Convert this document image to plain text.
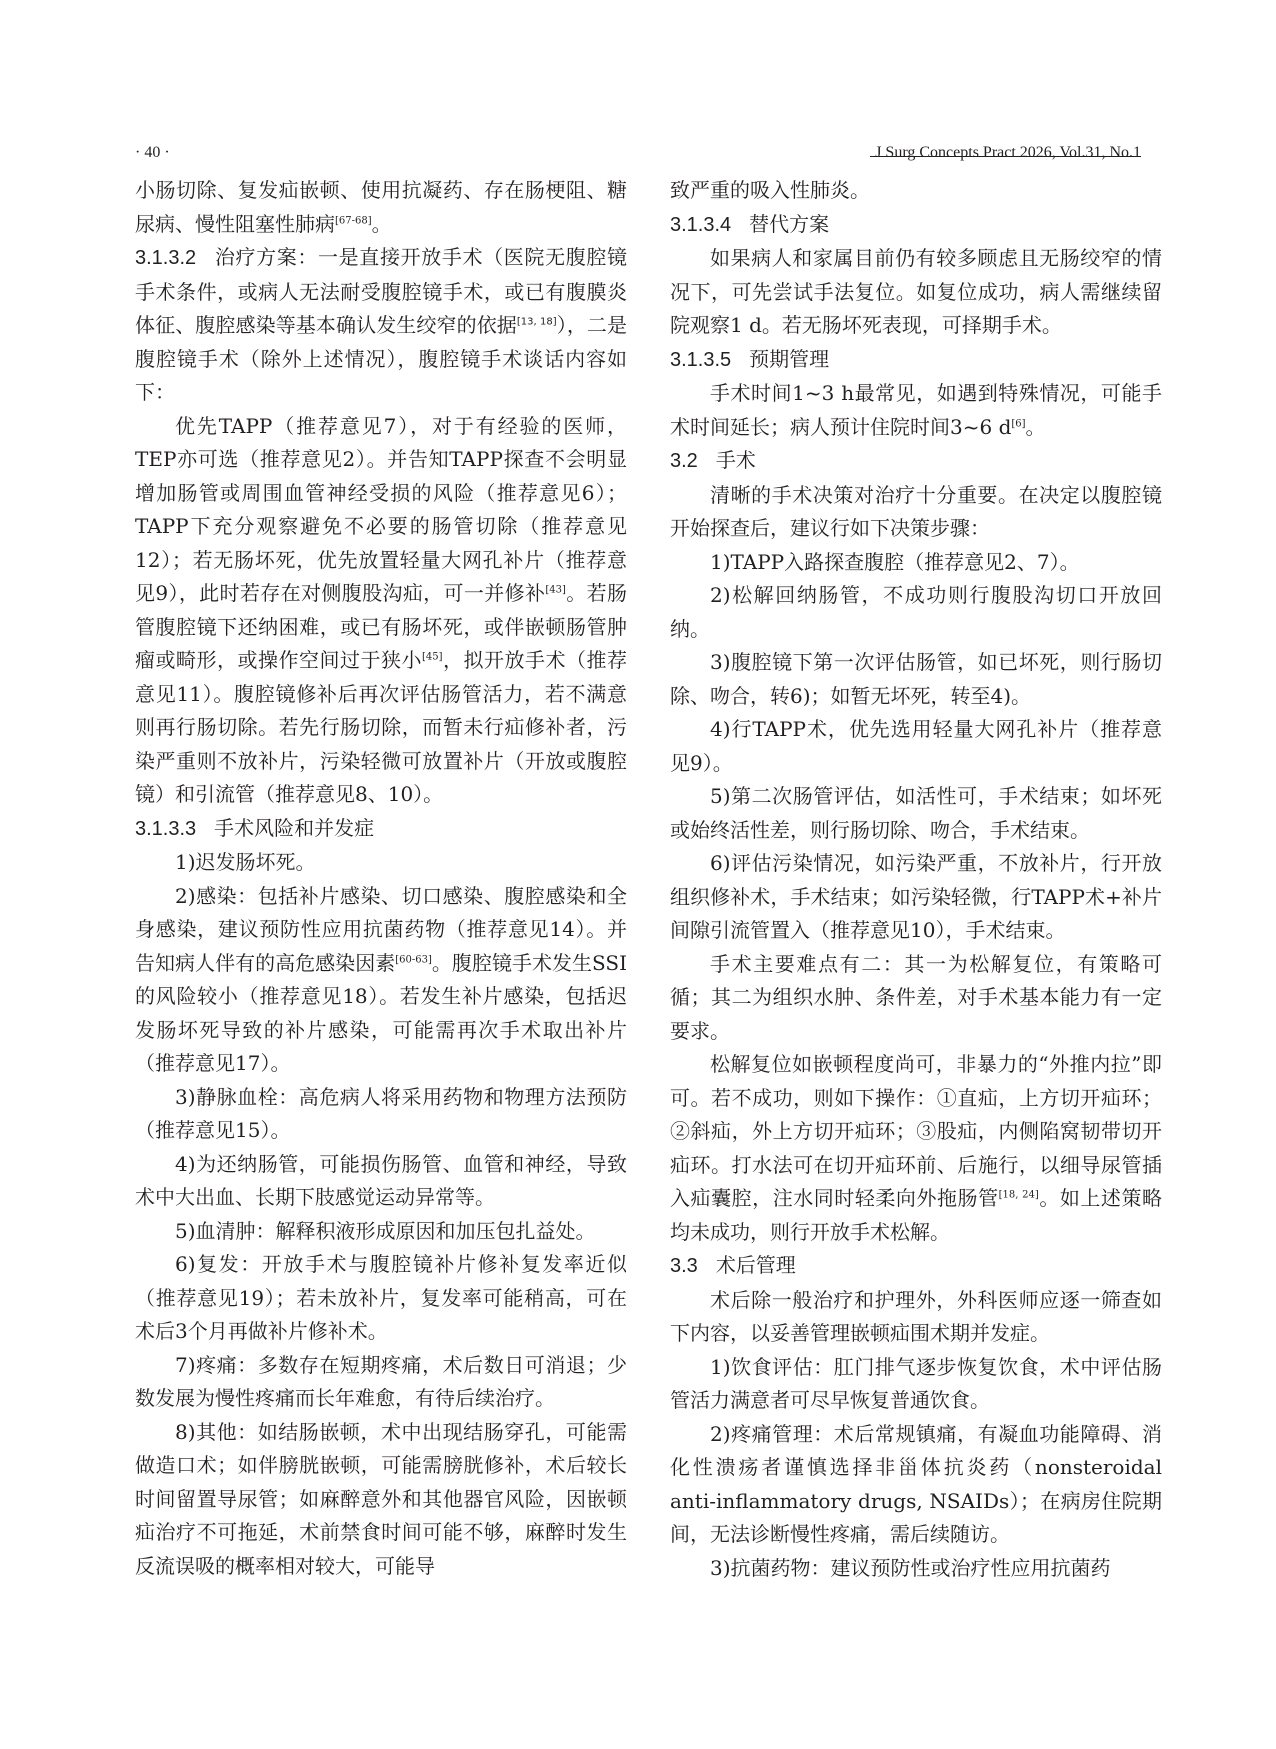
· 40 ·	J Surg Concepts Pract 2026, Vol.31, No.1

小肠切除、复发疝嵌顿、使用抗凝药、存在肠梗阻、糖尿病、慢性阻塞性肺病[67-68]。

3.1.3.2 治疗方案：一是直接开放手术（医院无腹腔镜手术条件，或病人无法耐受腹腔镜手术，或已有腹膜炎体征、腹腔感染等基本确认发生绞窄的依据[13, 18]），二是腹腔镜手术（除外上述情况），腹腔镜手术谈话内容如下：

优先TAPP（推荐意见7），对于有经验的医师，TEP亦可选（推荐意见2）。并告知TAPP探查不会明显增加肠管或周围血管神经受损的风险（推荐意见6）；TAPP下充分观察避免不必要的肠管切除（推荐意见12）；若无肠坏死，优先放置轻量大网孔补片（推荐意见9），此时若存在对侧腹股沟疝，可一并修补[43]。若肠管腹腔镜下还纳困难，或已有肠坏死，或伴嵌顿肠管肿瘤或畸形，或操作空间过于狭小[45]，拟开放手术（推荐意见11）。腹腔镜修补后再次评估肠管活力，若不满意则再行肠切除。若先行肠切除，而暂未行疝修补者，污染严重则不放补片，污染轻微可放置补片（开放或腹腔镜）和引流管（推荐意见8、10）。

3.1.3.3 手术风险和并发症

1)迟发肠坏死。

2)感染：包括补片感染、切口感染、腹腔感染和全身感染，建议预防性应用抗菌药物（推荐意见14）。并告知病人伴有的高危感染因素[60-63]。腹腔镜手术发生SSI的风险较小（推荐意见18）。若发生补片感染，包括迟发肠坏死导致的补片感染，可能需再次手术取出补片（推荐意见17）。

3)静脉血栓：高危病人将采用药物和物理方法预防（推荐意见15）。

4)为还纳肠管，可能损伤肠管、血管和神经，导致术中大出血、长期下肢感觉运动异常等。

5)血清肿：解释积液形成原因和加压包扎益处。

6)复发：开放手术与腹腔镜补片修补复发率近似（推荐意见19）；若未放补片，复发率可能稍高，可在术后3个月再做补片修补术。

7)疼痛：多数存在短期疼痛，术后数日可消退；少数发展为慢性疼痛而长年难愈，有待后续治疗。

8)其他：如结肠嵌顿，术中出现结肠穿孔，可能需做造口术；如伴膀胱嵌顿，可能需膀胱修补，术后较长时间留置导尿管；如麻醉意外和其他器官风险，因嵌顿疝治疗不可拖延，术前禁食时间可能不够，麻醉时发生反流误吸的概率相对较大，可能导

致严重的吸入性肺炎。

3.1.3.4 替代方案

如果病人和家属目前仍有较多顾虑且无肠绞窄的情况下，可先尝试手法复位。如复位成功，病人需继续留院观察1 d。若无肠坏死表现，可择期手术。

3.1.3.5 预期管理

手术时间1~3 h最常见，如遇到特殊情况，可能手术时间延长；病人预计住院时间3~6 d[6]。

3.2 手术

清晰的手术决策对治疗十分重要。在决定以腹腔镜开始探查后，建议行如下决策步骤：

1)TAPP入路探查腹腔（推荐意见2、7）。

2)松解回纳肠管，不成功则行腹股沟切口开放回纳。

3)腹腔镜下第一次评估肠管，如已坏死，则行肠切除、吻合，转6)；如暂无坏死，转至4)。

4)行TAPP术，优先选用轻量大网孔补片（推荐意见9）。

5)第二次肠管评估，如活性可，手术结束；如坏死或始终活性差，则行肠切除、吻合，手术结束。

6)评估污染情况，如污染严重，不放补片，行开放组织修补术，手术结束；如污染轻微，行TAPP术+补片间隙引流管置入（推荐意见10），手术结束。

手术主要难点有二：其一为松解复位，有策略可循；其二为组织水肿、条件差，对手术基本能力有一定要求。

松解复位如嵌顿程度尚可，非暴力的“外推内拉”即可。若不成功，则如下操作：①直疝，上方切开疝环；②斜疝，外上方切开疝环；③股疝，内侧陷窝韧带切开疝环。打水法可在切开疝环前、后施行，以细导尿管插入疝囊腔，注水同时轻柔向外拖肠管[18, 24]。如上述策略均未成功，则行开放手术松解。

3.3 术后管理

术后除一般治疗和护理外，外科医师应逐一筛查如下内容，以妥善管理嵌顿疝围术期并发症。

1)饮食评估：肛门排气逐步恢复饮食，术中评估肠管活力满意者可尽早恢复普通饮食。

2)疼痛管理：术后常规镇痛，有凝血功能障碍、消化性溃疡者谨慎选择非甾体抗炎药（nonsteroidal anti-inflammatory drugs, NSAIDs）；在病房住院期间，无法诊断慢性疼痛，需后续随访。

3)抗菌药物：建议预防性或治疗性应用抗菌药
